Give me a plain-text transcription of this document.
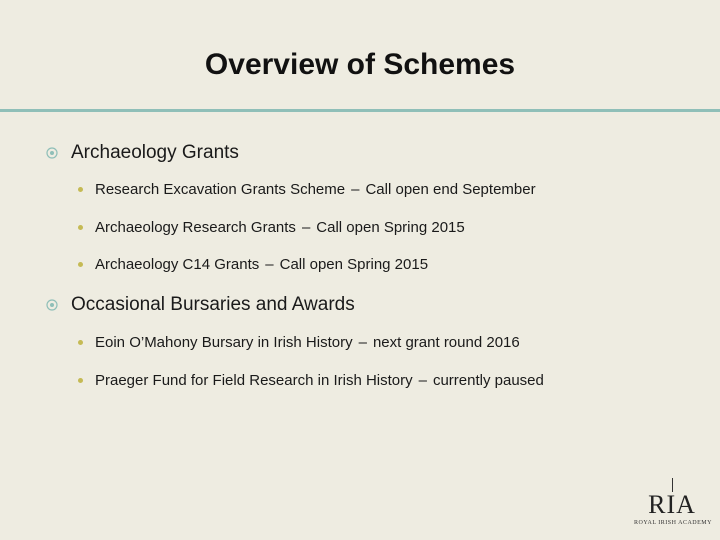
Overview of Schemes
Archaeology Grants
Research Excavation Grants Scheme – Call open end September
Archaeology Research Grants – Call open Spring 2015
Archaeology C14 Grants – Call open Spring 2015
Occasional Bursaries and Awards
Eoin O’Mahony Bursary in Irish History – next grant round 2016
Praeger Fund for Field Research in Irish History – currently paused
RIA
ROYAL IRISH ACADEMY
